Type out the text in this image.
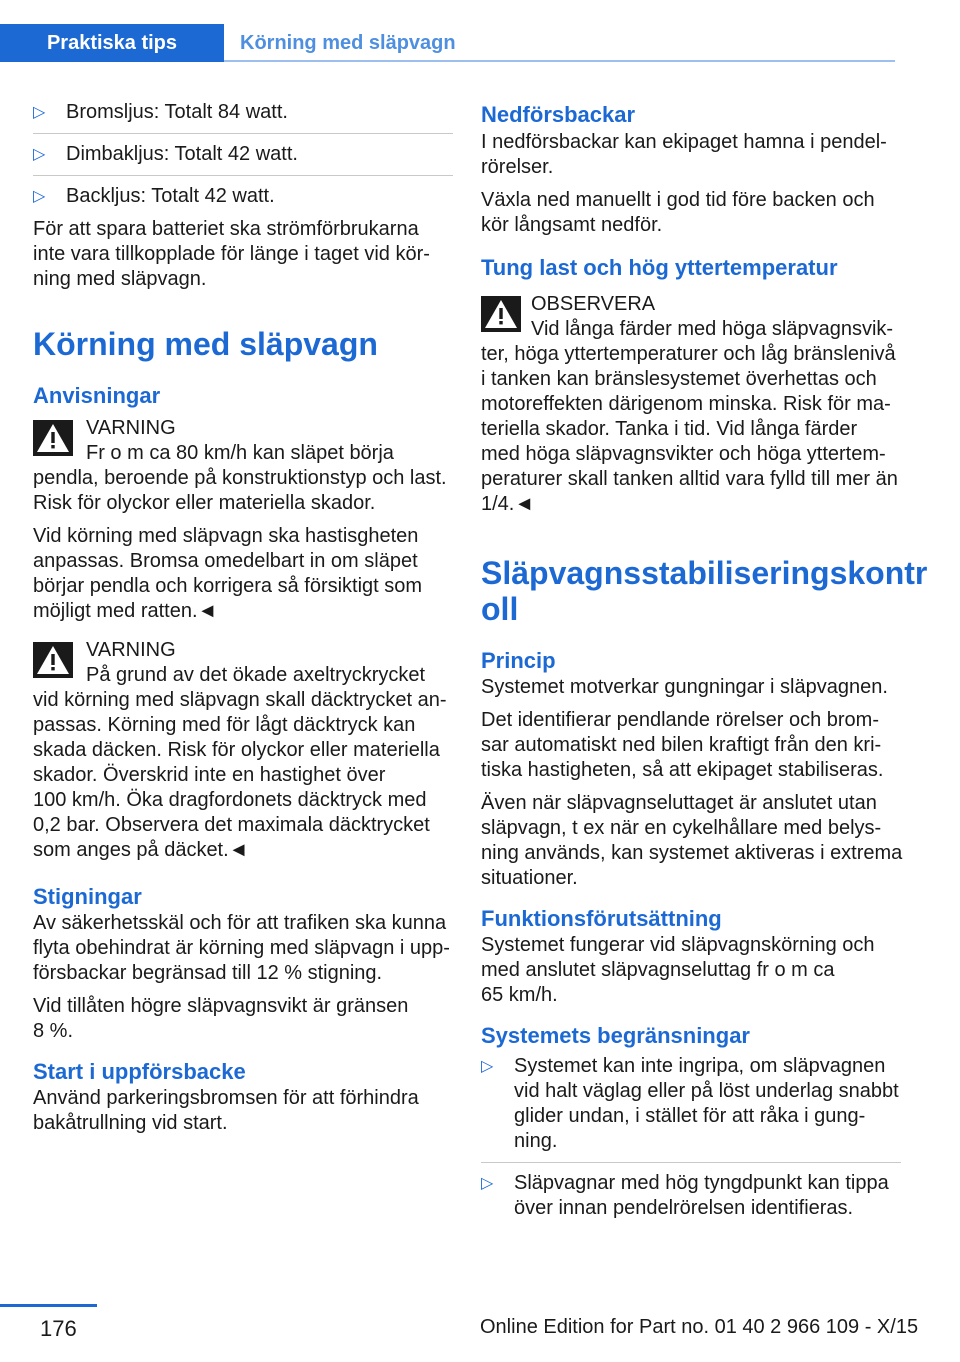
Praktiska tips	Körning med släpvagn
▷ Bromsljus: Totalt 84 watt.
▷ Dimbakljus: Totalt 42 watt.
▷ Backljus: Totalt 42 watt.

För att spara batteriet ska strömförbrukarna
inte vara tillkopplade för länge i taget vid kör-
ning med släpvagn.

Körning med släpvagn
Anvisningar
VARNING
Fr o m ca 80 km/h kan släpet börja
pendla, beroende på konstruktionstyp och last.
Risk för olyckor eller materiella skador.

Vid körning med släpvagn ska hastisgheten
anpassas. Bromsa omedelbart in om släpet
börjar pendla och korrigera så försiktigt som
möjligt med ratten.◄

VARNING
På grund av det ökade axeltryckrycket
vid körning med släpvagn skall däcktrycket an-
passas. Körning med för lågt däcktryck kan
skada däcken. Risk för olyckor eller materiella
skador. Överskrid inte en hastighet över
100 km/h. Öka dragfordonets däcktryck med
0,2 bar. Observera det maximala däcktrycket
som anges på däcket.◄
Stigningar

Av säkerhetsskäl och för att trafiken ska kunna
flyta obehindrat är körning med släpvagn i upp-
försbackar begränsad till 12 % stigning.

Vid tillåten högre släpvagnsvikt är gränsen
8 %.

Start i uppförsbacke

Använd parkeringsbromsen för att förhindra
bakåtrullning vid start.

Nedförsbackar

I nedförsbackar kan ekipaget hamna i pendel-
rörelser.

Växla ned manuellt i god tid före backen och
kör långsamt nedför.

Tung last och hög yttertemperatur
OBSERVERA
Vid långa färder med höga släpvagnsvik-
ter, höga yttertemperaturer och låg bränslenivå
i tanken kan bränslesystemet överhettas och
motoreffekten därigenom minska. Risk för ma-
teriella skador. Tanka i tid. Vid långa färder
med höga släpvagnsvikter och höga yttertem-
peraturer skall tanken alltid vara fylld till mer än
1/4.◄
Släpvagnsstabiliseringskontr
oll
Princip

Systemet motverkar gungningar i släpvagnen.

Det identifierar pendlande rörelser och brom-
sar automatiskt ned bilen kraftigt från den kri-
tiska hastigheten, så att ekipaget stabiliseras.

Även när släpvagnseluttaget är anslutet utan
släpvagn, t ex när en cykelhållare med belys-
ning används, kan systemet aktiveras i extrema
situationer.

Funktionsförutsättning

Systemet fungerar vid släpvagnskörning och
med anslutet släpvagnseluttag fr o m ca
65 km/h.

Systemets begränsningar
▷ Systemet kan inte ingripa, om släpvagnen
vid halt väglag eller på löst underlag snabbt
glider undan, i stället för att råka i gung-
ning.
▷ Släpvagnar med hög tyngdpunkt kan tippa
över innan pendelrörelsen identifieras.
176	Online Edition for Part no. 01 40 2 966 109 - X/15
